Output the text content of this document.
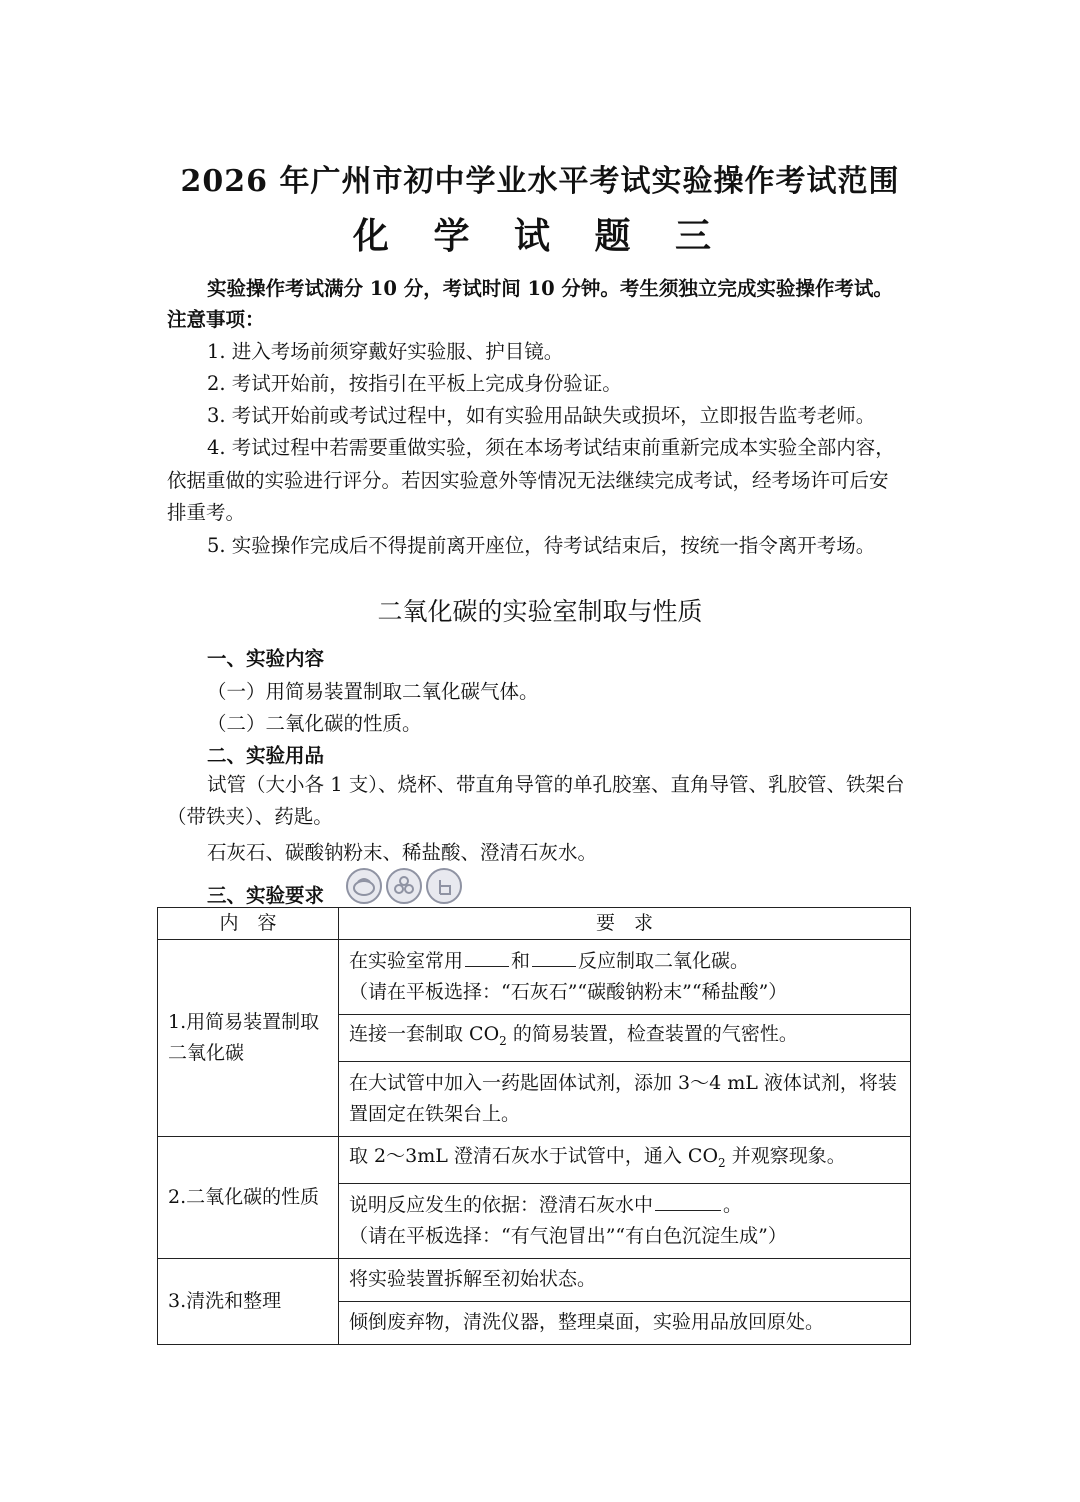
2026 年广州市初中学业水平考试实验操作考试范围
化 学 试 题 三
实验操作考试满分 10 分，考试时间 10 分钟。考生须独立完成实验操作考试。
注意事项：
1. 进入考场前须穿戴好实验服、护目镜。
2. 考试开始前，按指引在平板上完成身份验证。
3. 考试开始前或考试过程中，如有实验用品缺失或损坏，立即报告监考老师。
4. 考试过程中若需要重做实验，须在本场考试结束前重新完成本实验全部内容，依据重做的实验进行评分。若因实验意外等情况无法继续完成考试，经考场许可后安排重考。
5. 实验操作完成后不得提前离开座位，待考试结束后，按统一指令离开考场。
二氧化碳的实验室制取与性质
一、实验内容
（一）用简易装置制取二氧化碳气体。
（二）二氧化碳的性质。
二、实验用品
试管（大小各 1 支）、烧杯、带直角导管的单孔胶塞、直角导管、乳胶管、铁架台（带铁夹）、药匙。
石灰石、碳酸钠粉末、稀盐酸、澄清石灰水。
三、实验要求
内　容	要　求
1.用简易装置制取二氧化碳	在实验室常用 和 反应制取二氧化碳。
（请在平板选择：“石灰石”“碳酸钠粉末”“稀盐酸”）

	连接一套制取 $CO_2$ 的简易装置，检查装置的气密性。
	在大试管中加入一药匙固体试剂，添加 3～4 mL 液体试剂，将装置固定在铁架台上。
2.二氧化碳的性质	取 2～3mL 澄清石灰水于试管中，通入 $CO_2$ 并观察现象。

	说明反应发生的依据：澄清石灰水中 。
（请在平板选择：“有气泡冒出”“有白色沉淀生成”）

3.清洗和整理	将实验装置拆解至初始状态。
	倾倒废弃物，清洗仪器，整理桌面，实验用品放回原处。
